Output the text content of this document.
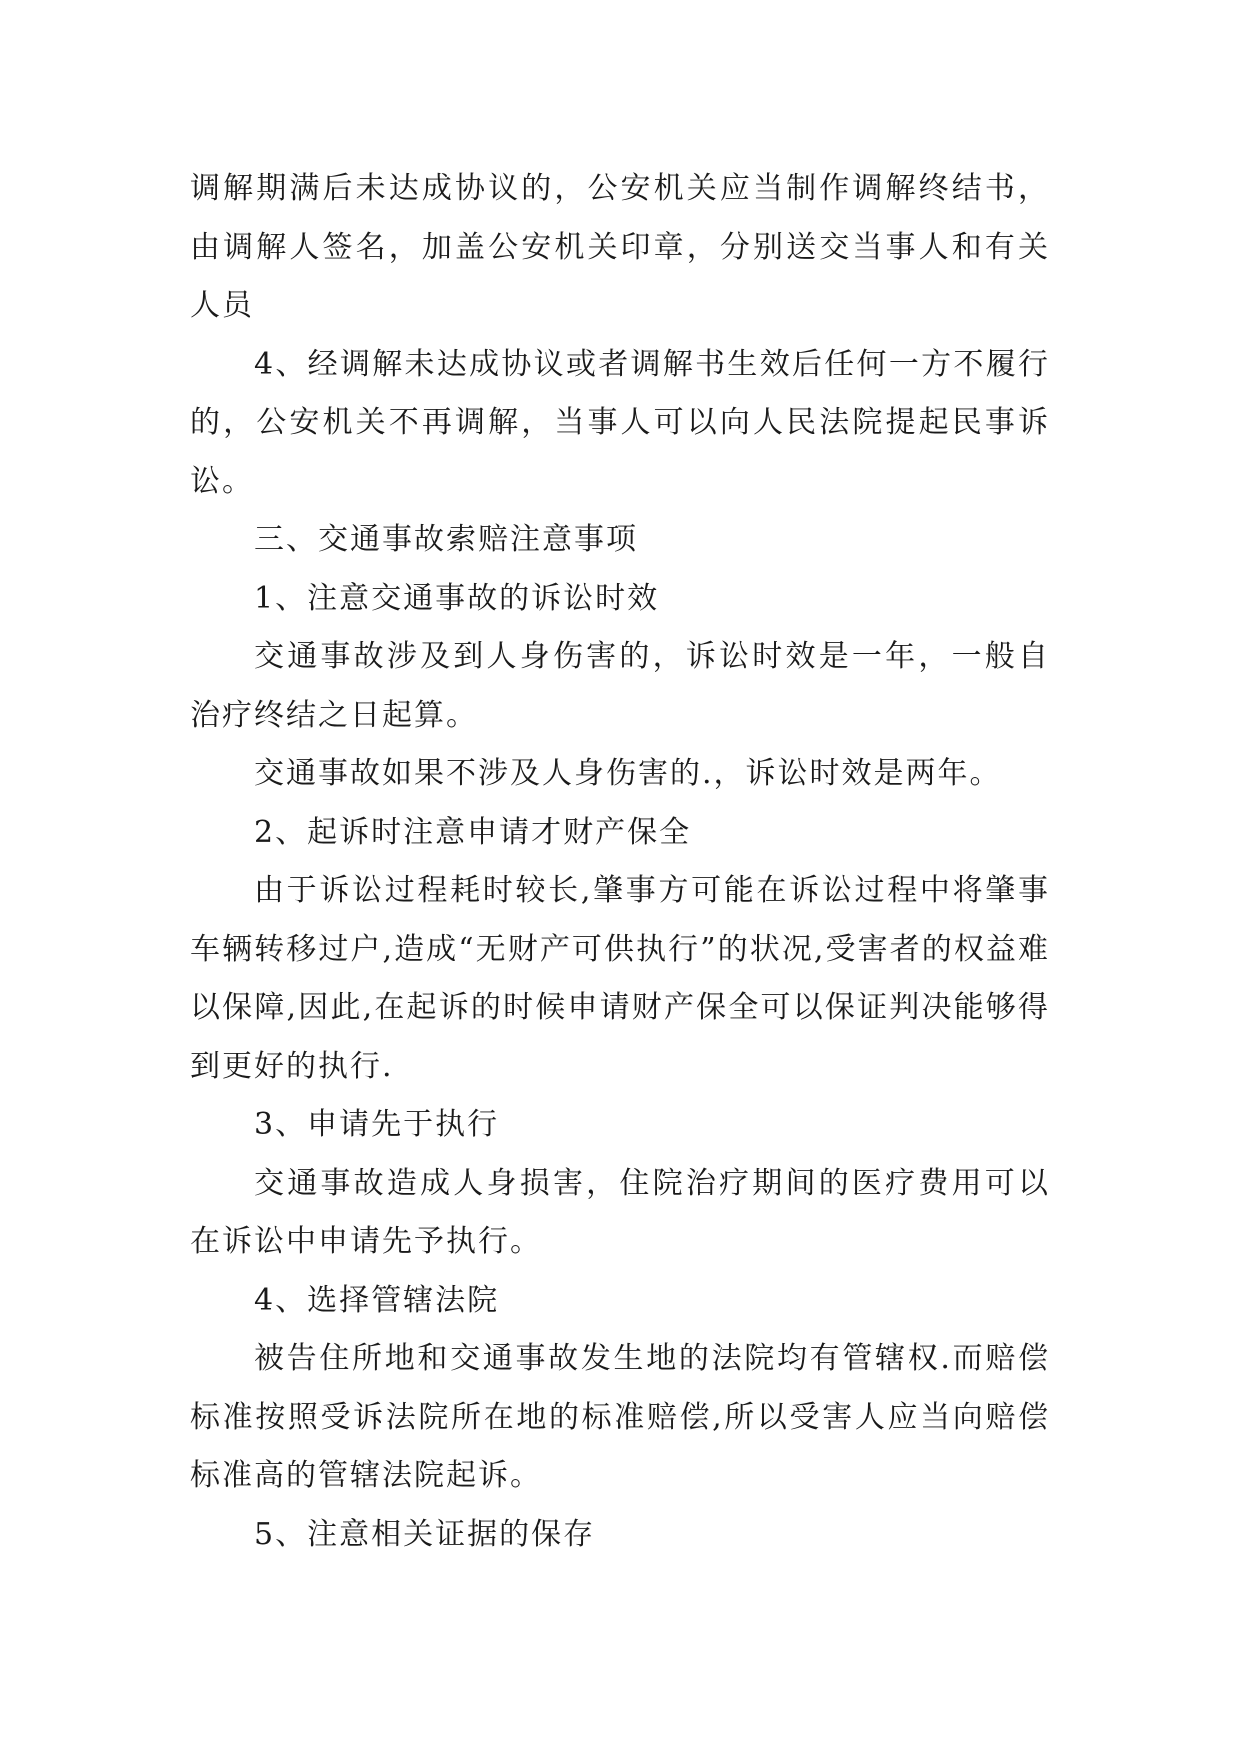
调解期满后未达成协议的，公安机关应当制作调解终结书，由调解人签名，加盖公安机关印章，分别送交当事人和有关人员

4、经调解未达成协议或者调解书生效后任何一方不履行的，公安机关不再调解，当事人可以向人民法院提起民事诉讼。

三、交通事故索赔注意事项

1、注意交通事故的诉讼时效

交通事故涉及到人身伤害的，诉讼时效是一年，一般自治疗终结之日起算。

交通事故如果不涉及人身伤害的.，诉讼时效是两年。

2、起诉时注意申请才财产保全

由于诉讼过程耗时较长,肇事方可能在诉讼过程中将肇事车辆转移过户,造成“无财产可供执行”的状况,受害者的权益难以保障,因此,在起诉的时候申请财产保全可以保证判决能够得到更好的执行.

3、申请先于执行

交通事故造成人身损害，住院治疗期间的医疗费用可以在诉讼中申请先予执行。

4、选择管辖法院

被告住所地和交通事故发生地的法院均有管辖权.而赔偿标准按照受诉法院所在地的标准赔偿,所以受害人应当向赔偿标准高的管辖法院起诉。

5、注意相关证据的保存
